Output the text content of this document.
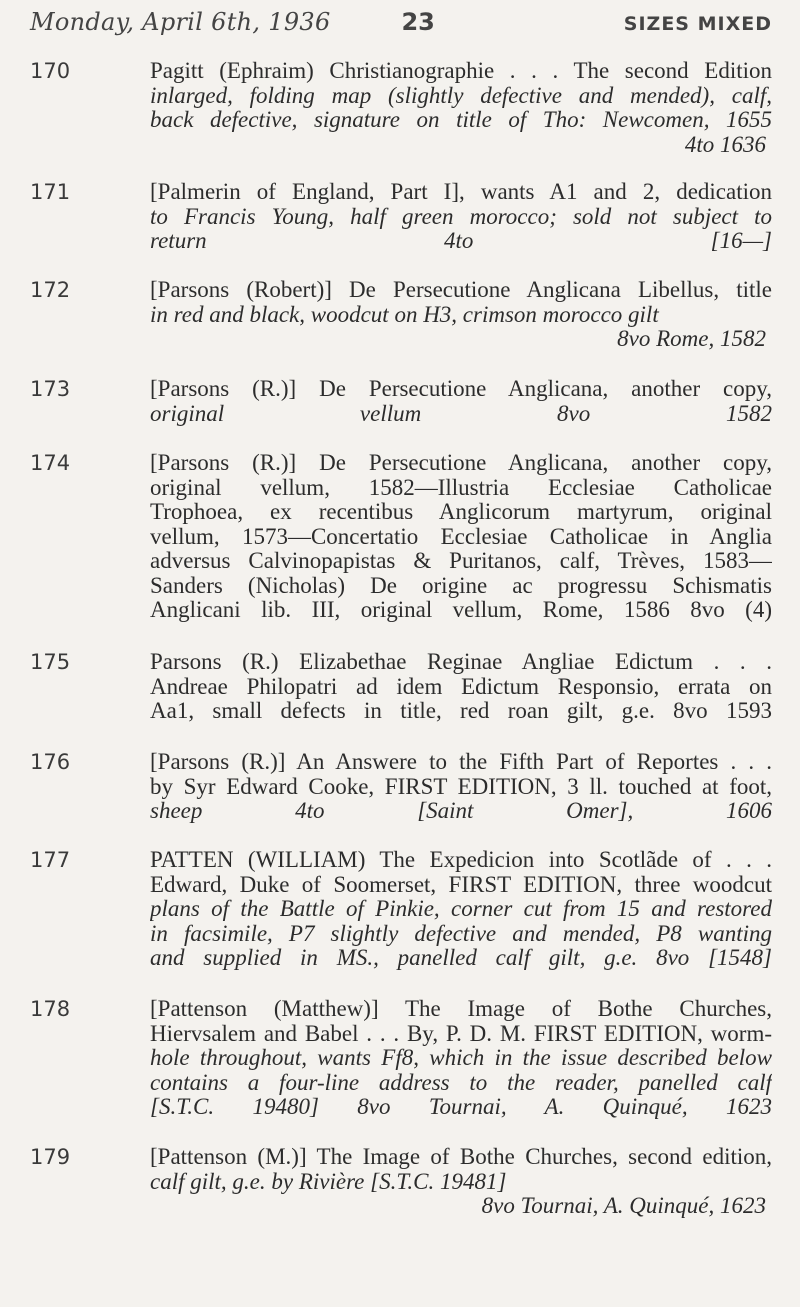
Monday, April 6th, 1936	23	SIZES MIXED
170	Pagitt (Ephraim) Christianographie . . . The second Edition
inlarged, folding map (slightly defective and mended), calf,
back defective, signature on title of Tho: Newcomen, 1655
4to 1636
171	[Palmerin of England, Part I], wants A1 and 2, dedication
to Francis Young, half green morocco; sold not subject to
return 4to [16—]
172	[Parsons (Robert)] De Persecutione Anglicana Libellus, title
in red and black, woodcut on H3, crimson morocco gilt
8vo Rome, 1582
173	[Parsons (R.)] De Persecutione Anglicana, another copy,
original vellum 8vo 1582
174	[Parsons (R.)] De Persecutione Anglicana, another copy,
original vellum, 1582—Illustria Ecclesiae Catholicae
Trophoea, ex recentibus Anglicorum martyrum, original
vellum, 1573—Concertatio Ecclesiae Catholicae in Anglia
adversus Calvinopapistas & Puritanos, calf, Trèves, 1583—
Sanders (Nicholas) De origine ac progressu Schismatis
Anglicani lib. III, original vellum, Rome, 1586 8vo (4)
175	Parsons (R.) Elizabethae Reginae Angliae Edictum . . .
Andreae Philopatri ad idem Edictum Responsio, errata on
Aa1, small defects in title, red roan gilt, g.e. 8vo 1593
176	[Parsons (R.)] An Answere to the Fifth Part of Reportes . . .
by Syr Edward Cooke, FIRST EDITION, 3 ll. touched at foot,
sheep 4to [Saint Omer], 1606
177	PATTEN (WILLIAM) The Expedicion into Scotlãde of . . .
Edward, Duke of Soomerset, FIRST EDITION, three woodcut
plans of the Battle of Pinkie, corner cut from 15 and restored
in facsimile, P7 slightly defective and mended, P8 wanting
and supplied in MS., panelled calf gilt, g.e. 8vo [1548]
178	[Pattenson (Matthew)] The Image of Bothe Churches,
Hiervsalem and Babel . . . By, P. D. M. FIRST EDITION, worm-
hole throughout, wants Ff8, which in the issue described below
contains a four-line address to the reader, panelled calf
[S.T.C. 19480] 8vo Tournai, A. Quinqué, 1623
179	[Pattenson (M.)] The Image of Bothe Churches, second edition,
calf gilt, g.e. by Rivière [S.T.C. 19481]
8vo Tournai, A. Quinqué, 1623
